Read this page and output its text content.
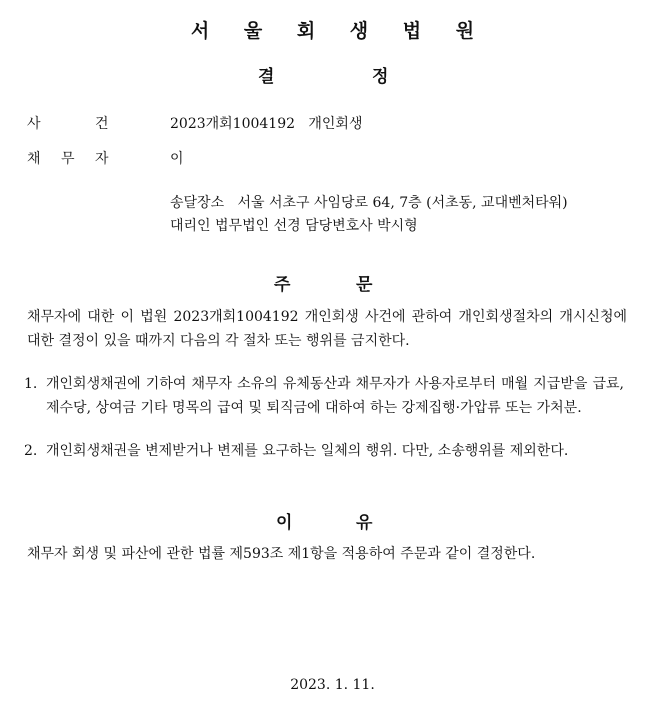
서 울 회 생 법 원
결	정
사	건	2023개회1004192   개인회생
채 무 자	이
송달장소   서울 서초구 사임당로 64, 7층 (서초동, 교대벤처타워)
대리인 법무법인 선경 담당변호사 박시형
주	문
채무자에 대한 이 법원 2023개회1004192 개인회생 사건에 관하여 개인회생절차의 개시신청에 대한 결정이 있을 때까지 다음의 각 절차 또는 행위를 금지한다.
1. 개인회생채권에 기하여 채무자 소유의 유체동산과 채무자가 사용자로부터 매월 지급받을 급료, 제수당, 상여금 기타 명목의 급여 및 퇴직금에 대하여 하는 강제집행·가압류 또는 가처분.
2. 개인회생채권을 변제받거나 변제를 요구하는 일체의 행위. 다만, 소송행위를 제외한다.
이	유
채무자 회생 및 파산에 관한 법률 제593조 제1항을 적용하여 주문과 같이 결정한다.
2023. 1. 11.
